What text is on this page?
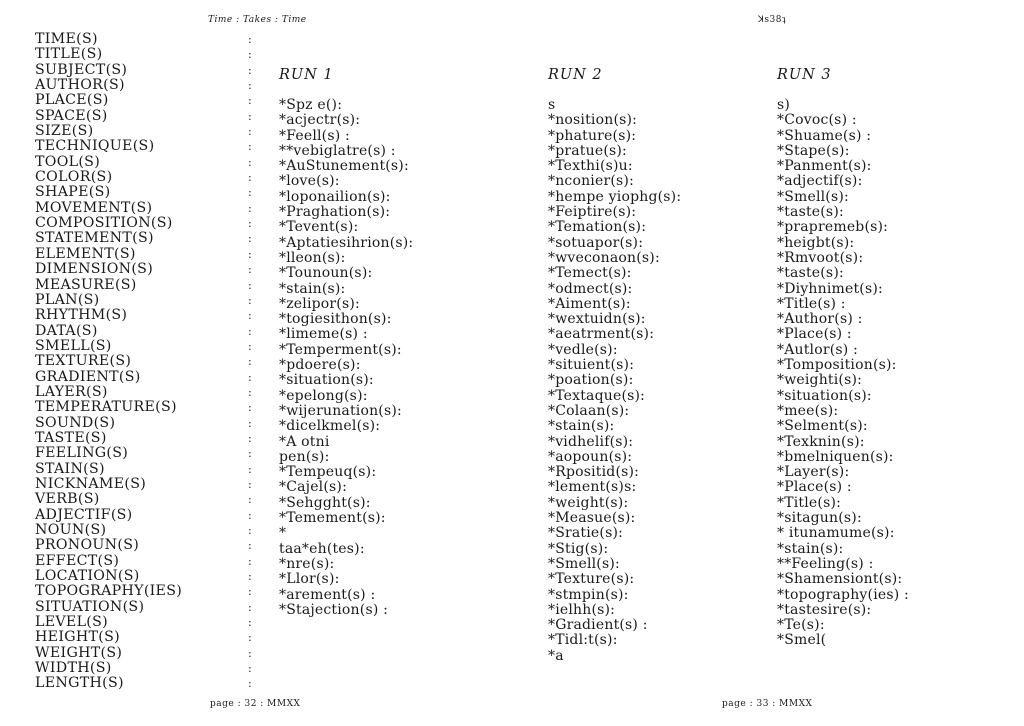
Time : Takes : Time	ꓘs38ʇ
TIME(S)
TITLE(S)
SUBJECT(S)
AUTHOR(S)
PLACE(S)
SPACE(S)
SIZE(S)
TECHNIQUE(S)
TOOL(S)
COLOR(S)
SHAPE(S)
MOVEMENT(S)
COMPOSITION(S)
STATEMENT(S)
ELEMENT(S)
DIMENSION(S)
MEASURE(S)
PLAN(S)
RHYTHM(S)
DATA(S)
SMELL(S)
TEXTURE(S)
GRADIENT(S)
LAYER(S)
TEMPERATURE(S)
SOUND(S)
TASTE(S)
FEELING(S)
STAIN(S)
NICKNAME(S)
VERB(S)
ADJECTIF(S)
NOUN(S)
PRONOUN(S)
EFFECT(S)
LOCATION(S)
TOPOGRAPHY(IES)
SITUATION(S)
LEVEL(S)
HEIGHT(S)
WEIGHT(S)
WIDTH(S)
LENGTH(S)
:
:
:
:
:
:
:
:
:
:
:
:
:
:
:
:
:
:
:
:
:
:
:
:
:
:
:
:
:
:
:
:
:
:
:
:
:
:
:
:
:
:
:
RUN 1
*Spz e():
*acjectr(s):
*Feell(s) :
**vebiglatre(s) :
*AuStunement(s):
*love(s):
*loponailion(s):
*Praghation(s):
*Tevent(s):
*Aptatiesihrion(s):
*lleon(s):
*Tounoun(s):
*stain(s):
*zelipor(s):
*togiesithon(s):
*limeme(s) :
*Temperment(s):
*pdoere(s):
*situation(s):
*epelong(s):
*wijerunation(s):
*dicelkmel(s):
*A otni
pen(s):
*Tempeuq(s):
*Cajel(s):
*Sehgght(s):
*Temement(s):
*
taa*eh(tes):
*nre(s):
*Llor(s):
*arement(s) :
*Stajection(s) :
RUN 2
s
*nosition(s):
*phature(s):
*pratue(s):
*Texthi(s)u:
*nconier(s):
*hempe yiophg(s):
*Feiptire(s):
*Temation(s):
*sotuapor(s):
*wveconaon(s):
*Temect(s):
*odmect(s):
*Aiment(s):
*wextuidn(s):
*aeatrment(s):
*vedle(s):
*situient(s):
*poation(s):
*Textaque(s):
*Colaan(s):
*stain(s):
*vidhelif(s):
*aopoun(s):
*Rpositid(s):
*lement(s)s:
*weight(s):
*Measue(s):
*Sratie(s):
*Stig(s):
*Smell(s):
*Texture(s):
*stmpin(s):
*ielhh(s):
*Gradient(s) :
*Tidl:t(s):
*a
RUN 3
s)
*Covoc(s) :
*Shuame(s) :
*Stape(s):
*Panment(s):
*adjectif(s):
*Smell(s):
*taste(s):
*prapremeb(s):
*heigbt(s):
*Rmvoot(s):
*taste(s):
*Diyhnimet(s):
*Title(s) :
*Author(s) :
*Place(s) :
*Autlor(s) :
*Tomposition(s):
*weighti(s):
*situation(s):
*mee(s):
*Selment(s):
*Texknin(s):
*bmelniquen(s):
*Layer(s):
*Place(s) :
*Title(s):
*sitagun(s):
* itunamume(s):
*stain(s):
**Feeling(s) :
*Shamensiont(s):
*topography(ies) :
*tastesire(s):
*Te(s):
*Smel(
page : 32 : MMXX	page : 33 : MMXX
